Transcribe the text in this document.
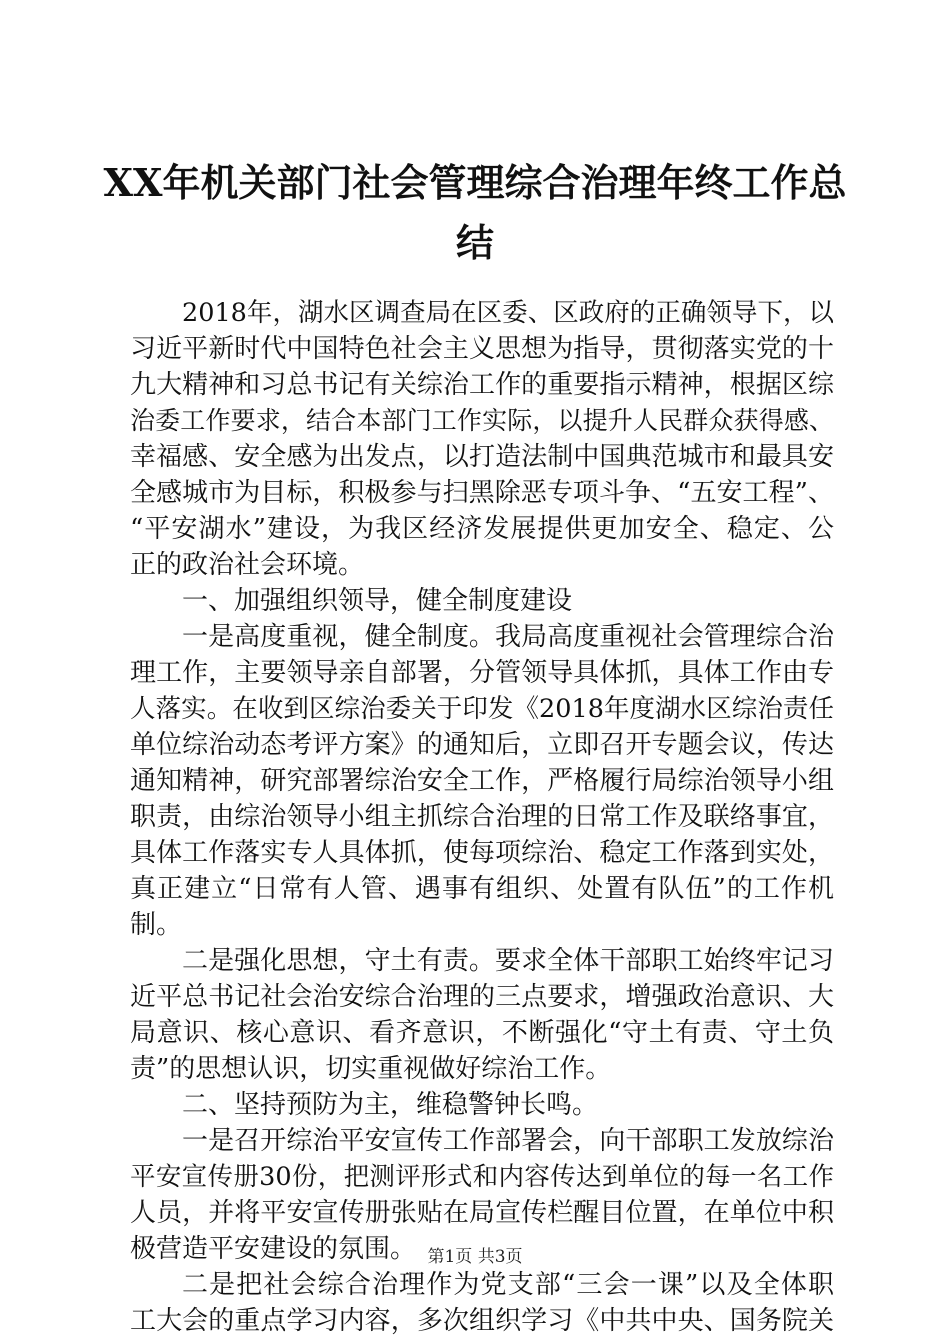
XX年机关部门社会管理综合治理年终工作总
结
2018年，湖水区调查局在区委、区政府的正确领导下，以
习近平新时代中国特色社会主义思想为指导，贯彻落实党的十
九大精神和习总书记有关综治工作的重要指示精神，根据区综
治委工作要求，结合本部门工作实际，以提升人民群众获得感、
幸福感、安全感为出发点，以打造法制中国典范城市和最具安
全感城市为目标，积极参与扫黑除恶专项斗争、“五安工程”、
“平安湖水”建设，为我区经济发展提供更加安全、稳定、公
正的政治社会环境。
一、加强组织领导，健全制度建设
一是高度重视，健全制度。我局高度重视社会管理综合治
理工作，主要领导亲自部署，分管领导具体抓，具体工作由专
人落实。在收到区综治委关于印发《2018年度湖水区综治责任
单位综治动态考评方案》的通知后，立即召开专题会议，传达
通知精神，研究部署综治安全工作，严格履行局综治领导小组
职责，由综治领导小组主抓综合治理的日常工作及联络事宜，
具体工作落实专人具体抓，使每项综治、稳定工作落到实处，
真正建立“日常有人管、遇事有组织、处置有队伍”的工作机
制。
二是强化思想，守土有责。要求全体干部职工始终牢记习
近平总书记社会治安综合治理的三点要求，增强政治意识、大
局意识、核心意识、看齐意识，不断强化“守土有责、守土负
责”的思想认识，切实重视做好综治工作。
二、坚持预防为主，维稳警钟长鸣。
一是召开综治平安宣传工作部署会，向干部职工发放综治
平安宣传册30份，把测评形式和内容传达到单位的每一名工作
人员，并将平安宣传册张贴在局宣传栏醒目位置，在单位中积
极营造平安建设的氛围。
二是把社会综合治理作为党支部“三会一课”以及全体职
工大会的重点学习内容，多次组织学习《中共中央、国务院关
第1页 共3页
